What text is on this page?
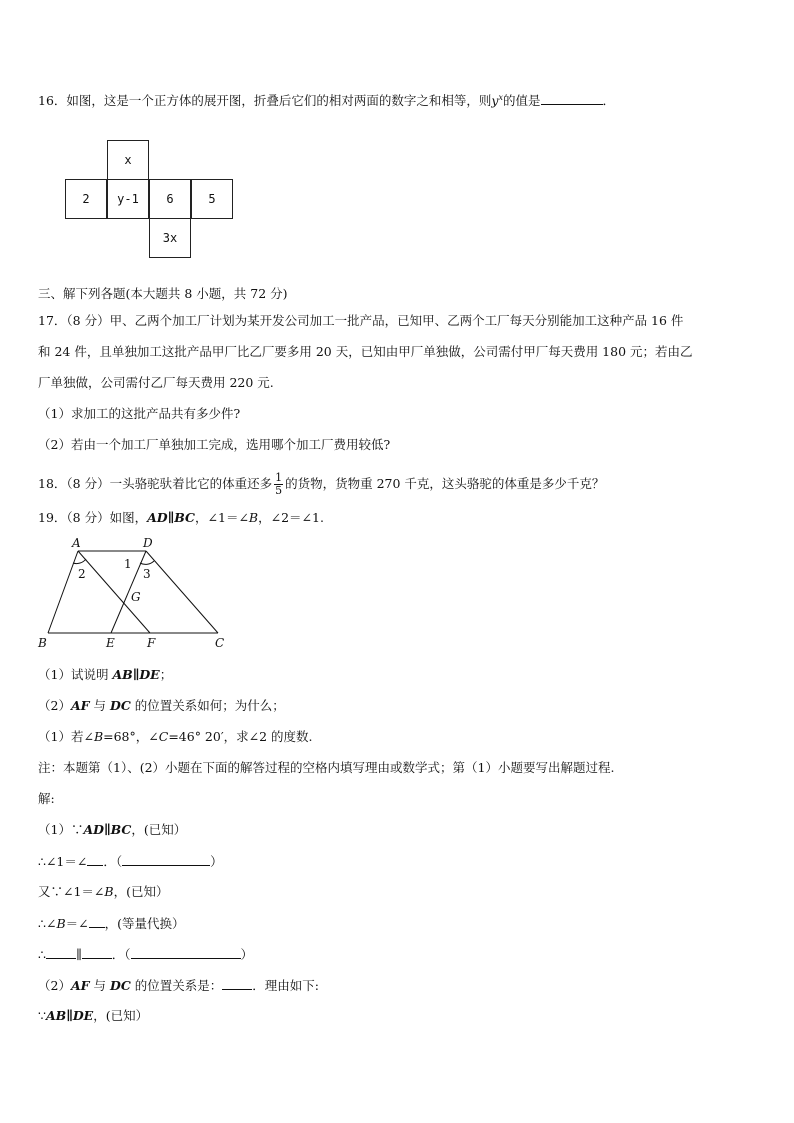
16．如图，这是一个正方体的展开图，折叠后它们的相对两面的数字之和相等，则$y^x$的值是	．
x
2	y-1	6	5
3x
三、解下列各题(本大题共 8 小题，共 72 分)
17．（8 分）甲、乙两个加工厂计划为某开发公司加工一批产品，已知甲、乙两个工厂每天分别能加工这种产品 16 件
和 24 件，且单独加工这批产品甲厂比乙厂要多用 20 天，已知由甲厂单独做，公司需付甲厂每天费用 180 元；若由乙
厂单独做，公司需付乙厂每天费用 220 元.
（1）求加工的这批产品共有多少件?
（2）若由一个加工厂单独加工完成，选用哪个加工厂费用较低?
18．（8 分）一头骆驼驮着比它的体重还多 $\frac{1}{5}$ 的货物，货物重 270 千克，这头骆驼的体重是多少千克？
19．（8 分）如图，AD∥BC，∠1＝∠B，∠2＝∠1.
A	D
B	E	F	C
G
1
2	3
（1）试说明 AB∥DE；
（2）AF 与 DC 的位置关系如何；为什么；
（1）若∠B=68°，∠C=46° 20′，求∠2 的度数.
注：本题第（1）、(2）小题在下面的解答过程的空格内填写理由或数学式；第（1）小题要写出解题过程.
解:
（1）∵AD∥BC，(已知）
∴∠1＝∠ ．（	）
又∵∠1＝∠B，(已知）
∴∠B＝∠ ，(等量代换）
∴ ∥ ．（	）
（2）AF 与 DC 的位置关系是： ．理由如下:
∵AB∥DE，(已知）
